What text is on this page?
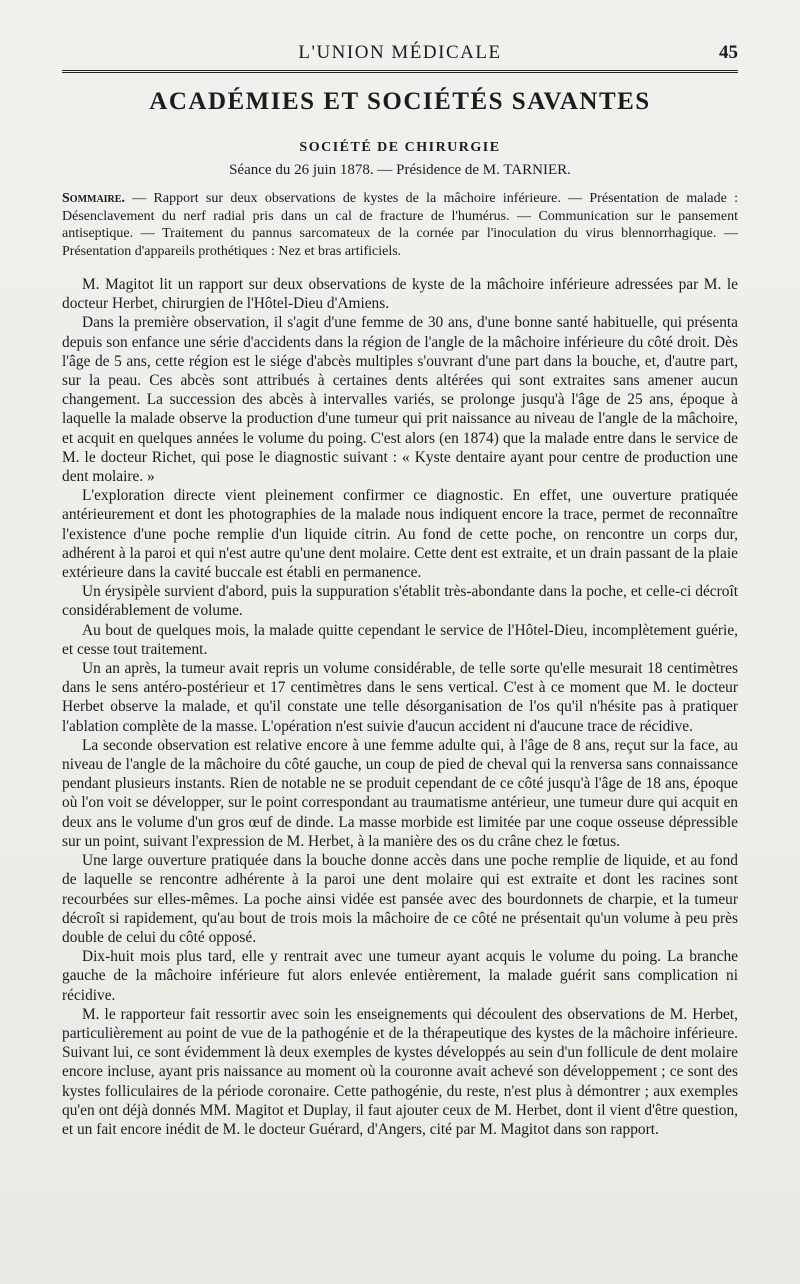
L'UNION MÉDICALE	45
ACADÉMIES ET SOCIÉTÉS SAVANTES
SOCIÉTÉ DE CHIRURGIE
Séance du 26 juin 1878. — Présidence de M. TARNIER.
Sommaire. — Rapport sur deux observations de kystes de la mâchoire inférieure. — Présentation de malade : Désenclavement du nerf radial pris dans un cal de fracture de l'humérus. — Communication sur le pansement antiseptique. — Traitement du pannus sarcomateux de la cornée par l'inoculation du virus blennorrhagique. — Présentation d'appareils prothétiques : Nez et bras artificiels.

M. Magitot lit un rapport sur deux observations de kyste de la mâchoire inférieure adressées par M. le docteur Herbet, chirurgien de l'Hôtel-Dieu d'Amiens.

Dans la première observation, il s'agit d'une femme de 30 ans, d'une bonne santé habituelle, qui présenta depuis son enfance une série d'accidents dans la région de l'angle de la mâchoire inférieure du côté droit. Dès l'âge de 5 ans, cette région est le siége d'abcès multiples s'ouvrant d'une part dans la bouche, et, d'autre part, sur la peau. Ces abcès sont attribués à certaines dents altérées qui sont extraites sans amener aucun changement. La succession des abcès à intervalles variés, se prolonge jusqu'à l'âge de 25 ans, époque à laquelle la malade observe la production d'une tumeur qui prit naissance au niveau de l'angle de la mâchoire, et acquit en quelques années le volume du poing. C'est alors (en 1874) que la malade entre dans le service de M. le docteur Richet, qui pose le diagnostic suivant : « Kyste dentaire ayant pour centre de production une dent molaire. »

L'exploration directe vient pleinement confirmer ce diagnostic. En effet, une ouverture pratiquée antérieurement et dont les photographies de la malade nous indiquent encore la trace, permet de reconnaître l'existence d'une poche remplie d'un liquide citrin. Au fond de cette poche, on rencontre un corps dur, adhérent à la paroi et qui n'est autre qu'une dent molaire. Cette dent est extraite, et un drain passant de la plaie extérieure dans la cavité buccale est établi en permanence.

Un érysipèle survient d'abord, puis la suppuration s'établit très-abondante dans la poche, et celle-ci décroît considérablement de volume.

Au bout de quelques mois, la malade quitte cependant le service de l'Hôtel-Dieu, incomplètement guérie, et cesse tout traitement.

Un an après, la tumeur avait repris un volume considérable, de telle sorte qu'elle mesurait 18 centimètres dans le sens antéro-postérieur et 17 centimètres dans le sens vertical. C'est à ce moment que M. le docteur Herbet observe la malade, et qu'il constate une telle désorganisation de l'os qu'il n'hésite pas à pratiquer l'ablation complète de la masse. L'opération n'est suivie d'aucun accident ni d'aucune trace de récidive.

La seconde observation est relative encore à une femme adulte qui, à l'âge de 8 ans, reçut sur la face, au niveau de l'angle de la mâchoire du côté gauche, un coup de pied de cheval qui la renversa sans connaissance pendant plusieurs instants. Rien de notable ne se produit cependant de ce côté jusqu'à l'âge de 18 ans, époque où l'on voit se développer, sur le point correspondant au traumatisme antérieur, une tumeur dure qui acquit en deux ans le volume d'un gros œuf de dinde. La masse morbide est limitée par une coque osseuse dépressible sur un point, suivant l'expression de M. Herbet, à la manière des os du crâne chez le fœtus.

Une large ouverture pratiquée dans la bouche donne accès dans une poche remplie de liquide, et au fond de laquelle se rencontre adhérente à la paroi une dent molaire qui est extraite et dont les racines sont recourbées sur elles-mêmes. La poche ainsi vidée est pansée avec des bourdonnets de charpie, et la tumeur décroît si rapidement, qu'au bout de trois mois la mâchoire de ce côté ne présentait qu'un volume à peu près double de celui du côté opposé.

Dix-huit mois plus tard, elle y rentrait avec une tumeur ayant acquis le volume du poing. La branche gauche de la mâchoire inférieure fut alors enlevée entièrement, la malade guérit sans complication ni récidive.

M. le rapporteur fait ressortir avec soin les enseignements qui découlent des observations de M. Herbet, particulièrement au point de vue de la pathogénie et de la thérapeutique des kystes de la mâchoire inférieure. Suivant lui, ce sont évidemment là deux exemples de kystes développés au sein d'un follicule de dent molaire encore incluse, ayant pris naissance au moment où la couronne avait achevé son développement ; ce sont des kystes folliculaires de la période coronaire. Cette pathogénie, du reste, n'est plus à démontrer ; aux exemples qu'en ont déjà donnés MM. Magitot et Duplay, il faut ajouter ceux de M. Herbet, dont il vient d'être question, et un fait encore inédit de M. le docteur Guérard, d'Angers, cité par M. Magitot dans son rapport.
